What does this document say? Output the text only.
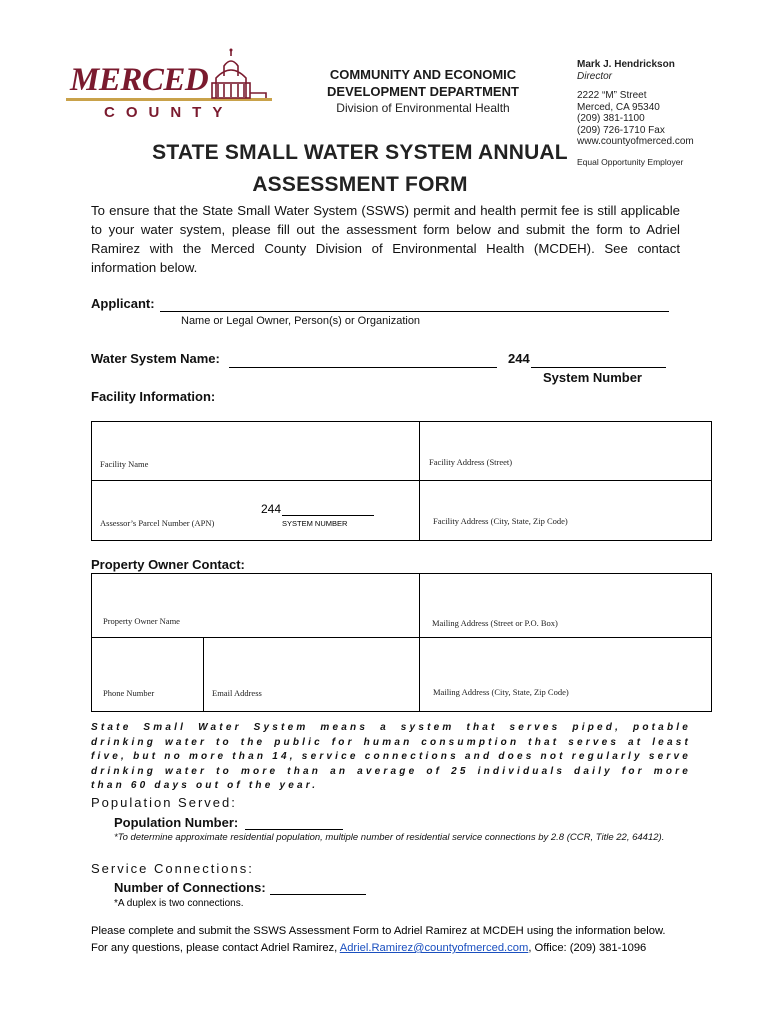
MERCED
COUNTY
COMMUNITY AND ECONOMIC
DEVELOPMENT DEPARTMENT
Division of Environmental Health
Mark J. Hendrickson
Director
2222 “M” Street
Merced, CA 95340
(209) 381-1100
(209) 726-1710 Fax
www.countyofmerced.com
Equal Opportunity Employer
STATE SMALL WATER SYSTEM ANNUAL
ASSESSMENT FORM
To ensure that the State Small Water System (SSWS) permit and health permit fee is still applicable to your water system, please fill out the assessment form below and submit the form to Adriel Ramirez with the Merced County Division of Environmental Health (MCDEH). See contact information below.
Applicant:
Name or Legal Owner, Person(s) or Organization
Water System Name:	244
System Number
Facility Information:
Facility Name	Facility Address (Street)
Assessor’s Parcel Number (APN)
244
SYSTEM NUMBER	Facility Address (City, State, Zip Code)
Property Owner Contact:
Property Owner Name	Mailing Address (Street or P.O. Box)
Phone Number	Email Address	Mailing Address (City, State, Zip Code)
State Small Water System means a system that serves piped, potable drinking water to the public for human consumption that serves at least five, but no more than 14, service connections and does not regularly serve drinking water to more than an average of 25 individuals daily for more than 60 days out of the year.
Population Served:
Population Number:
*To determine approximate residential population, multiple number of residential service connections by 2.8 (CCR, Title 22, 64412).
Service Connections:
Number of Connections:
*A duplex is two connections.
Please complete and submit the SSWS Assessment Form to Adriel Ramirez at MCDEH using the information below.
For any questions, please contact Adriel Ramirez, Adriel.Ramirez@countyofmerced.com, Office: (209) 381-1096
